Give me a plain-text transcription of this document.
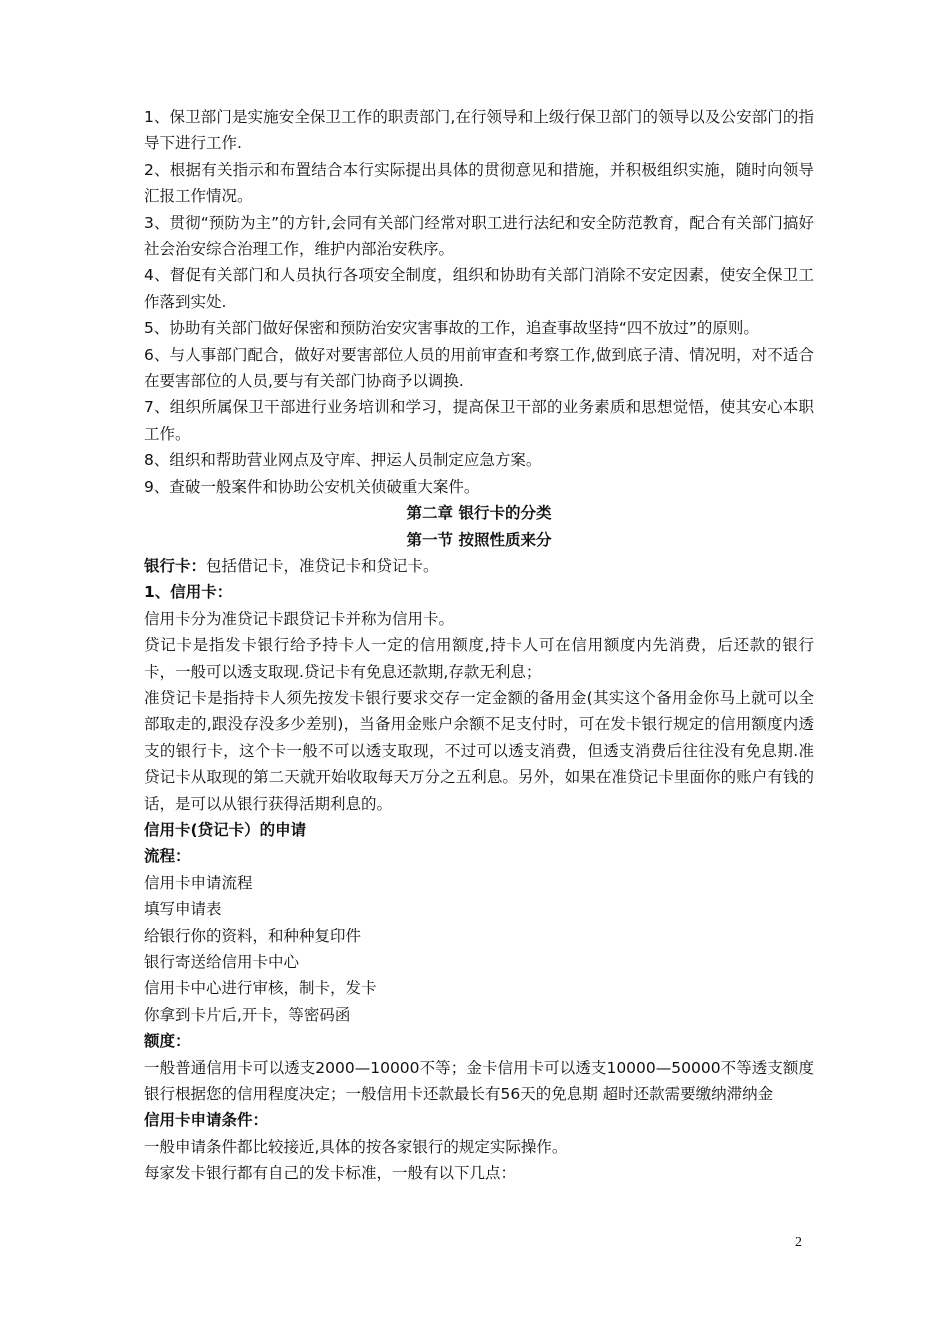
1、保卫部门是实施安全保卫工作的职责部门,在行领导和上级行保卫部门的领导以及公安部门的指导下进行工作.

2、根据有关指示和布置结合本行实际提出具体的贯彻意见和措施，并积极组织实施，随时向领导汇报工作情况。

3、贯彻“预防为主”的方针,会同有关部门经常对职工进行法纪和安全防范教育，配合有关部门搞好社会治安综合治理工作，维护内部治安秩序。

4、督促有关部门和人员执行各项安全制度，组织和协助有关部门消除不安定因素，使安全保卫工作落到实处.

5、协助有关部门做好保密和预防治安灾害事故的工作，追查事故坚持“四不放过”的原则。

6、与人事部门配合，做好对要害部位人员的用前审查和考察工作,做到底子清、情况明，对不适合在要害部位的人员,要与有关部门协商予以调换.

7、组织所属保卫干部进行业务培训和学习，提高保卫干部的业务素质和思想觉悟，使其安心本职工作。

8、组织和帮助营业网点及守库、押运人员制定应急方案。

9、查破一般案件和协助公安机关侦破重大案件。

第二章 银行卡的分类

第一节 按照性质来分

银行卡：包括借记卡，准贷记卡和贷记卡。

1、信用卡：

信用卡分为准贷记卡跟贷记卡并称为信用卡。

贷记卡是指发卡银行给予持卡人一定的信用额度,持卡人可在信用额度内先消费，后还款的银行卡，一般可以透支取现.贷记卡有免息还款期,存款无利息；

准贷记卡是指持卡人须先按发卡银行要求交存一定金额的备用金(其实这个备用金你马上就可以全部取走的,跟没存没多少差别)，当备用金账户余额不足支付时，可在发卡银行规定的信用额度内透支的银行卡，这个卡一般不可以透支取现，不过可以透支消费，但透支消费后往往没有免息期.准贷记卡从取现的第二天就开始收取每天万分之五利息。另外，如果在准贷记卡里面你的账户有钱的话，是可以从银行获得活期利息的。

信用卡(贷记卡）的申请

流程：

信用卡申请流程

填写申请表

给银行你的资料，和种种复印件

银行寄送给信用卡中心

信用卡中心进行审核，制卡，发卡

你拿到卡片后,开卡，等密码函

额度：

一般普通信用卡可以透支2000—10000不等；金卡信用卡可以透支10000—50000不等透支额度银行根据您的信用程度决定；一般信用卡还款最长有56天的免息期 超时还款需要缴纳滞纳金

信用卡申请条件：

一般申请条件都比较接近,具体的按各家银行的规定实际操作。

每家发卡银行都有自己的发卡标准，一般有以下几点：

2
